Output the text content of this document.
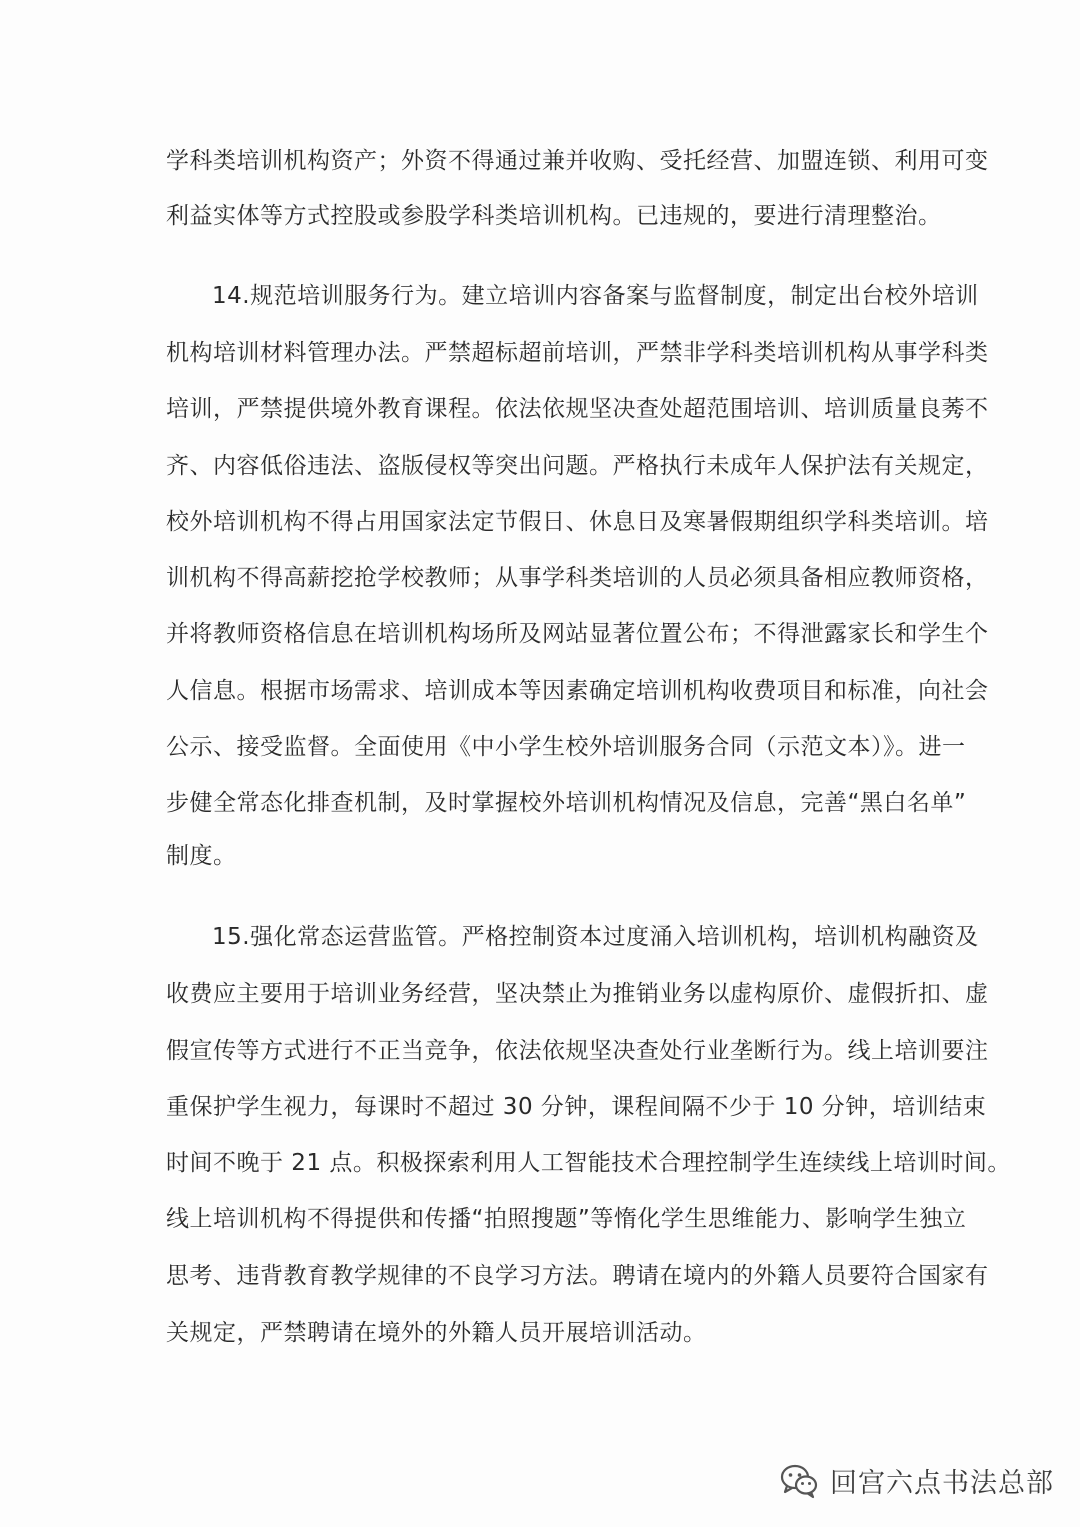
学科类培训机构资产；外资不得通过兼并收购、受托经营、加盟连锁、利用可变
利益实体等方式控股或参股学科类培训机构。已违规的，要进行清理整治。
14.规范培训服务行为。建立培训内容备案与监督制度，制定出台校外培训
机构培训材料管理办法。严禁超标超前培训，严禁非学科类培训机构从事学科类
培训，严禁提供境外教育课程。依法依规坚决查处超范围培训、培训质量良莠不
齐、内容低俗违法、盗版侵权等突出问题。严格执行未成年人保护法有关规定，
校外培训机构不得占用国家法定节假日、休息日及寒暑假期组织学科类培训。培
训机构不得高薪挖抢学校教师；从事学科类培训的人员必须具备相应教师资格，
并将教师资格信息在培训机构场所及网站显著位置公布；不得泄露家长和学生个
人信息。根据市场需求、培训成本等因素确定培训机构收费项目和标准，向社会
公示、接受监督。全面使用《中小学生校外培训服务合同（示范文本）》。进一
步健全常态化排查机制，及时掌握校外培训机构情况及信息，完善“黑白名单”
制度。
15.强化常态运营监管。严格控制资本过度涌入培训机构，培训机构融资及
收费应主要用于培训业务经营，坚决禁止为推销业务以虚构原价、虚假折扣、虚
假宣传等方式进行不正当竞争，依法依规坚决查处行业垄断行为。线上培训要注
重保护学生视力，每课时不超过 30 分钟，课程间隔不少于 10 分钟，培训结束
时间不晚于 21 点。积极探索利用人工智能技术合理控制学生连续线上培训时间。
线上培训机构不得提供和传播“拍照搜题”等惰化学生思维能力、影响学生独立
思考、违背教育教学规律的不良学习方法。聘请在境内的外籍人员要符合国家有
关规定，严禁聘请在境外的外籍人员开展培训活动。
回宫六点书法总部
